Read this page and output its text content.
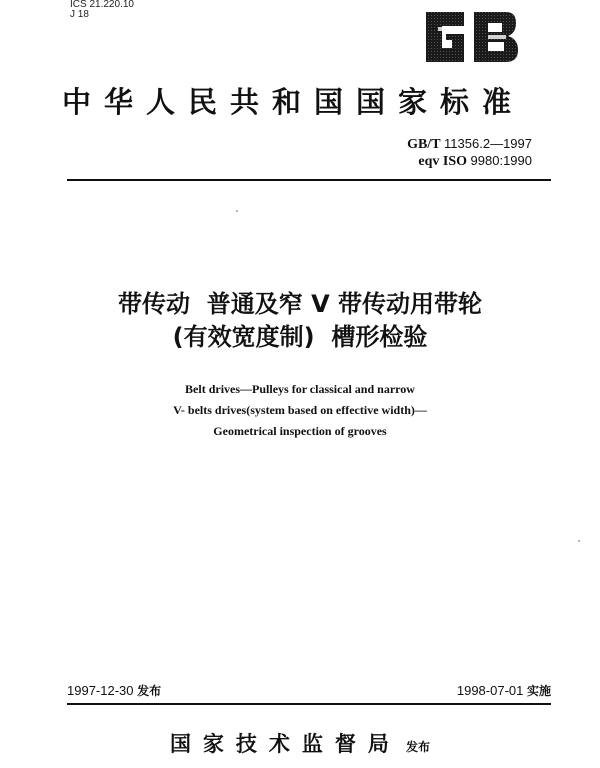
ICS 21.220.10
J 18
中华人民共和国国家标准
GB/T 11356.2—1997
eqv ISO 9980:1990
带传动  普通及窄 V 带传动用带轮
(有效宽度制)  槽形检验
Belt drives—Pulleys for classical and narrow
V- belts drives(system based on effective width)—
Geometrical inspection of grooves
1997-12-30 发布	1998-07-01 实施
国家技术监督局 发布
